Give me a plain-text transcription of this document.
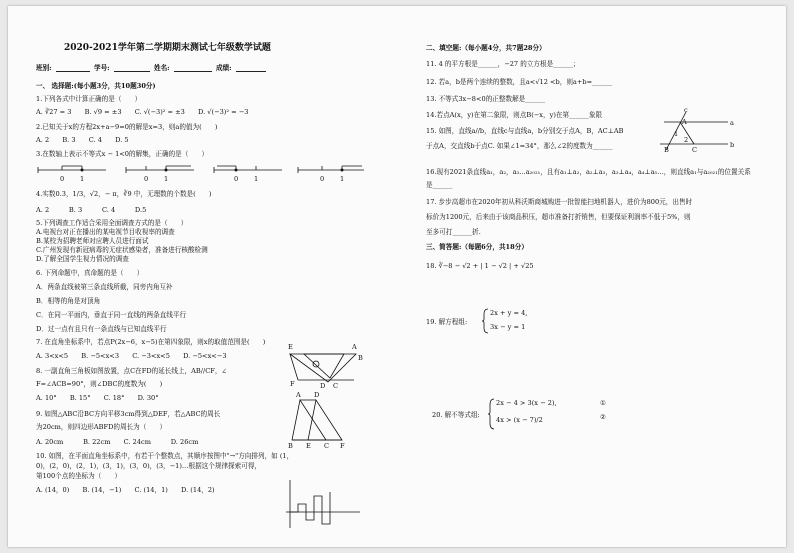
2020-2021学年第二学期期末测试七年级数学试题
班别:	学号:	姓名:	成绩:
一、 选择题:(每小题3分，共10题30分)
1.下列各式中计算正确的是（　　）
A. ∛27 = 3　　B. √9 = ±3　　C. √(−3)² = ±3　　D. √(−3)² = −3
2.已知关于x的方程2x+a−9=0的解是x=3，则a的值为(　　)
A. 2　　B. 3　　C. 4　　D. 5
3.在数轴上表示不等式x − 1<0的解集，正确的是（　　）
0 1	0 1	0 1	0 1
4.实数0.3，1/3，√2，− π，∛9 中，无理数的个数是(　　)
A. 2　　　B. 3　　　C. 4　　　D.5
5.下列调查工作适合采用全面调查方式的是（　　）
A.电视台对正在播出的某电视节目收视率的调查
B.某校为招聘老师对应聘人员进行面试
C.广州发现有新冠病毒的无症状感染者，准备进行核酸检测
D.了解全国学生视力情况的调查
6. 下列命题中，真命题的是（　　）
A．两条直线被第三条直线所截，同旁内角互补
B．相等的角是对顶角
C．在同一平面内，垂直于同一直线的两条直线平行
D．过一点有且只有一条直线与已知直线平行
7. 在直角坐标系中，若点P(2x−6，x−5)在第四象限，则x的取值范围是(　　)
A. 3<x<5　　B. −5<x<3　　C. −3<x<5　　D. −5<x<−3
8. 一副直角三角板如图放置，点C在FD的延长线上，AB//CF，∠
F=∠ACB=90°，则∠DBC的度数为(　　)
A. 10°　　B. 15°　　C. 18°　　D. 30°
E	A
B
F	D C
9. 如图△ABC沿BC方向平移3cm得到△DEF，若△ABC的周长
为20cm，则四边形ABFD的周长为（　　）
A. 20cm　　　B. 22cm　　C. 24cm　　　D. 26cm
A D
B E C F
10. 如图，在平面直角坐标系中，有若干个整数点，其顺序按图中"→"方向排列，如 (1，
0)，(2，0)，(2，1)，(3，1)，(3，0)，(3，−1)…根据这个规律探索可得，
第100个点的坐标为（　　）
A. (14，0)　　B. (14，−1)　　C. (14，1)　　D. (14，2)
二、填空题:（每小题4分，共7题28分）
11. 4 的平方根是______，−27 的立方根是______；
12. 若a，b是两个连续的整数，且a<√12 <b，则a+b=______
13. 不等式3x−8<0的正整数解是______
14.若点A(x，y)在第二象限，则点B(−x，y)在第______象限
15. 如图，直线a//b，直线c与直线a，b分别交于点A，B，AC⊥AB
于点A，交直线b于点C. 如果∠1=34°，那么∠2的度数为______
c
A	a
1
2
B	C
b
16.现有2021条直线a₁，a₂，a₃…a₂₀₂₁，且有a₁⊥a₂，a₂⊥a₃，a₃⊥a₄，a₄⊥a₅…，则直线a₁与a₂₀₂₁的位置关系
是______
17. 步步高超市在2020年初从科沃斯商城购进一批智能扫地机器人，进价为800元，出售时
标价为1200元，后来由于该商品积压，超市准备打折销售，但要保证利润率不低于5%，则
至多可打______折.
三、简答题:（每题6分，共18分）
18. ∛−8 − √2 + | 1 − √2 | + √25
19. 解方程组:
2x + y = 4,
3x − y = 1
20. 解不等式组:
2x − 4 > 3(x − 2),
4x > (x − 7)/2
①
②
